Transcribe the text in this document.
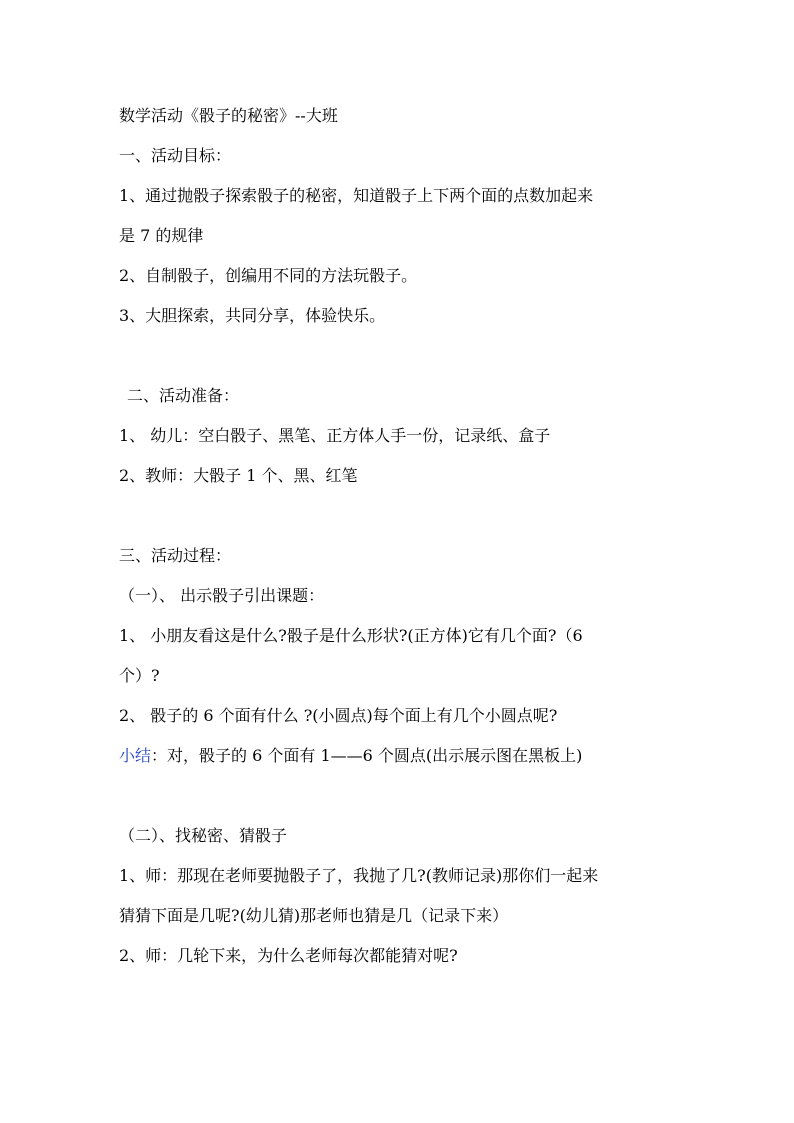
数学活动《骰子的秘密》--大班

一、活动目标：

1、通过抛骰子探索骰子的秘密，知道骰子上下两个面的点数加起来

是 7 的规律

2、自制骰子，创编用不同的方法玩骰子。

3、大胆探索，共同分享，体验快乐。

二、活动准备：

1、 幼儿：空白骰子、黑笔、正方体人手一份，记录纸、盒子

2、教师：大骰子 1 个、黑、红笔

三、活动过程：

（一）、 出示骰子引出课题：

1、 小朋友看这是什么?骰子是什么形状?(正方体)它有几个面?（6

个）?

2、 骰子的 6 个面有什么 ?(小圆点)每个面上有几个小圆点呢?

小结：对，骰子的 6 个面有 1——6 个圆点(出示展示图在黑板上)

（二）、找秘密、猜骰子

1、师：那现在老师要抛骰子了，我抛了几?(教师记录)那你们一起来

猜猜下面是几呢?(幼儿猜)那老师也猜是几（记录下来）

2、师：几轮下来，为什么老师每次都能猜对呢?
